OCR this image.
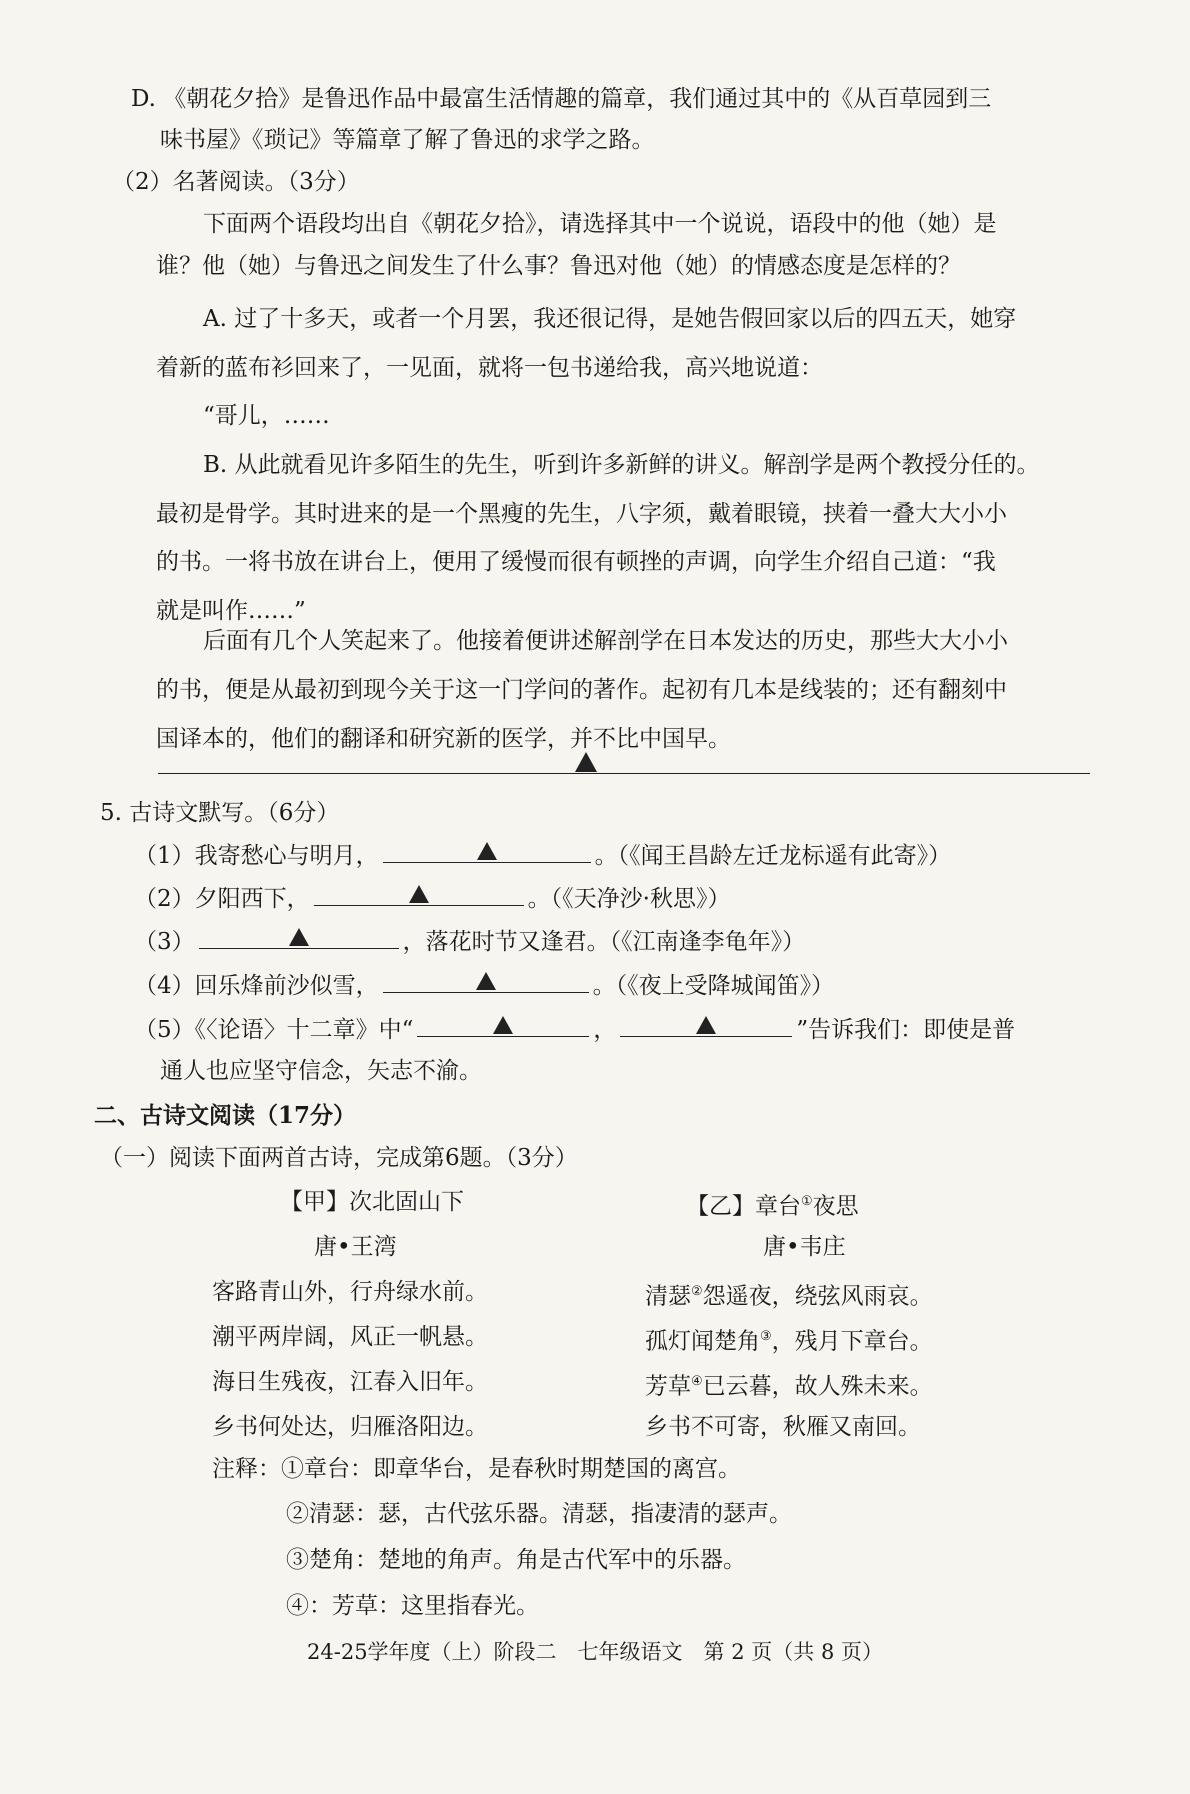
D. 《朝花夕拾》是鲁迅作品中最富生活情趣的篇章，我们通过其中的《从百草园到三
味书屋》《琐记》等篇章了解了鲁迅的求学之路。
（2）名著阅读。（3分）
下面两个语段均出自《朝花夕拾》，请选择其中一个说说，语段中的他（她）是
谁？他（她）与鲁迅之间发生了什么事？鲁迅对他（她）的情感态度是怎样的？
A. 过了十多天，或者一个月罢，我还很记得，是她告假回家以后的四五天，她穿
着新的蓝布衫回来了，一见面，就将一包书递给我，高兴地说道：
“哥儿，……
B. 从此就看见许多陌生的先生，听到许多新鲜的讲义。解剖学是两个教授分任的。
最初是骨学。其时进来的是一个黑瘦的先生，八字须，戴着眼镜，挟着一叠大大小小
的书。一将书放在讲台上，便用了缓慢而很有顿挫的声调，向学生介绍自己道：“我
就是叫作……”
后面有几个人笑起来了。他接着便讲述解剖学在日本发达的历史，那些大大小小
的书，便是从最初到现今关于这一门学问的著作。起初有几本是线装的；还有翻刻中
国译本的，他们的翻译和研究新的医学，并不比中国早。
5. 古诗文默写。（6分）
（1）我寄愁心与明月，	。（《闻王昌龄左迁龙标遥有此寄》）
（2）夕阳西下，	。（《天净沙·秋思》）
（3）	，落花时节又逢君。（《江南逢李龟年》）
（4）回乐烽前沙似雪，	。（《夜上受降城闻笛》）
（5）《〈论语〉十二章》中“	，	”告诉我们：即使是普
通人也应坚守信念，矢志不渝。
二、古诗文阅读（17分）
（一）阅读下面两首古诗，完成第6题。（3分）
【甲】次北固山下
唐•王湾
客路青山外，行舟绿水前。
潮平两岸阔，风正一帆悬。
海日生残夜，江春入旧年。
乡书何处达，归雁洛阳边。
【乙】章台①夜思
唐•韦庄
清瑟②怨遥夜，绕弦风雨哀。
孤灯闻楚角③，残月下章台。
芳草④已云暮，故人殊未来。
乡书不可寄，秋雁又南回。
注释：①章台：即章华台，是春秋时期楚国的离宫。
②清瑟：瑟，古代弦乐器。清瑟，指凄清的瑟声。
③楚角：楚地的角声。角是古代军中的乐器。
④：芳草：这里指春光。
24-25学年度（上）阶段二　七年级语文　第 2 页（共 8 页）
